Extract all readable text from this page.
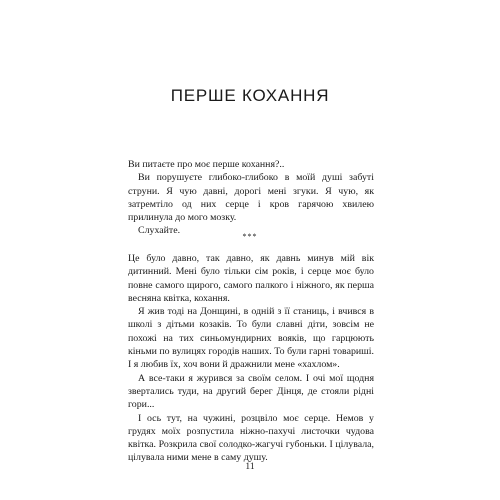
ПЕРШЕ КОХАННЯ

Ви питаєте про моє перше кохання?..

Ви порушуєте глибоко-глибоко в моїй душі забуті струни. Я чую давні, дорогі мені згуки. Я чую, як затремтіло од них серце і кров гарячою хвилею прилинула до мого мозку.

Слухайте.

***

Це було давно, так давно, як давнь минув мій вік дитинний. Мені було тільки сім років, і серце моє було повне самого щирого, самого палкого і ніжного, як перша весняна квітка, кохання.

Я жив тоді на Донщині, в одній з її станиць, і вчився в школі з дітьми козаків. То були славні діти, зовсім не похожі на тих синьомундирних вояків, що гарцюють кіньми по вулицях городів наших. То були гарні товариші. І я любив їх, хоч вони й дражнили мене «хахлом».

А все-таки я журився за своїм селом. І очі мої щодня звертались туди, на другий берег Дінця, де стояли рідні гори...

І ось тут, на чужині, розцвіло моє серце. Немов у грудях моїх розпустила ніжно-пахучі листочки чудова квітка. Розкрила свої солодко-жагучі губоньки. І цілувала, цілувала ними мене в саму душу.

11
